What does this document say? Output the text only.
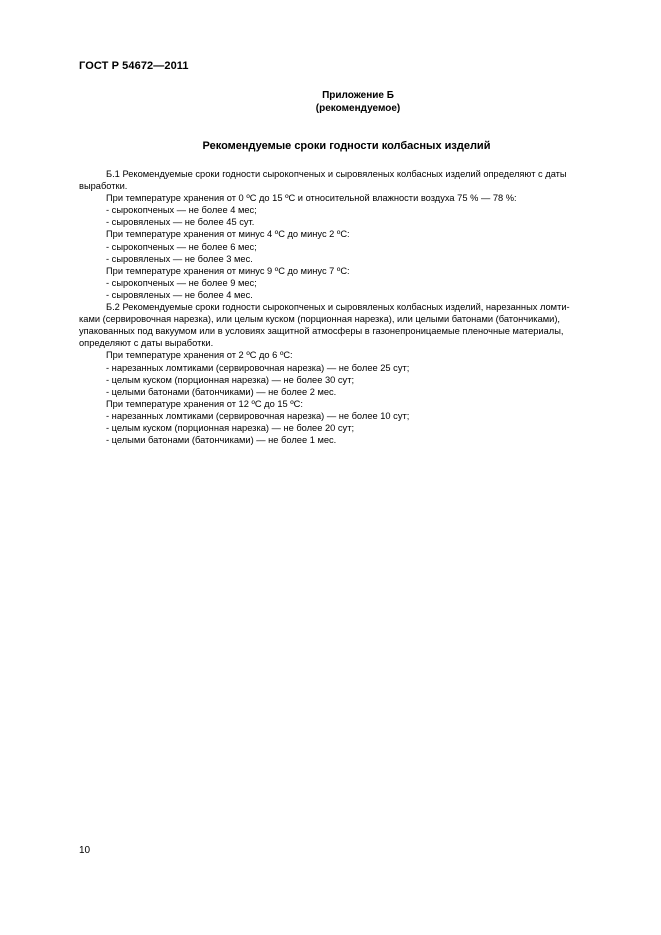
ГОСТ Р 54672—2011
Приложение Б
(рекомендуемое)
Рекомендуемые сроки годности колбасных изделий

Б.1 Рекомендуемые сроки годности сырокопченых и сыровяленых колбасных изделий определяют с даты

выработки.

При температуре хранения от 0 ºС до 15 ºС и относительной влажности воздуха 75 % — 78 %:

- сырокопченых — не более 4 мес;

- сыровяленых — не более 45 сут.

При температуре хранения от минус 4 ºС до минус 2 ºС:

- сырокопченых — не более 6 мес;

- сыровяленых — не более 3 мес.

При температуре хранения от минус 9 ºС до минус 7 ºС:

- сырокопченых — не более 9 мес;

- сыровяленых — не более 4 мес.

Б.2 Рекомендуемые сроки годности сырокопченых и сыровяленых колбасных изделий, нарезанных ломти-

ками (сервировочная нарезка), или целым куском (порционная нарезка), или целыми батонами (батончиками),

упакованных под вакуумом или в условиях защитной атмосферы в газонепроницаемые пленочные материалы,

определяют с даты выработки.

При температуре хранения от 2 ºС до 6 ºС:

- нарезанных ломтиками (сервировочная нарезка) — не более 25 сут;

- целым куском (порционная нарезка) — не более 30 сут;

- целыми батонами (батончиками) — не более 2 мес.

При температуре хранения от 12 ºС до 15 ºС:

- нарезанных ломтиками (сервировочная нарезка) — не более 10 сут;

- целым куском (порционная нарезка) — не более 20 сут;

- целыми батонами (батончиками) — не более 1 мес.

10
